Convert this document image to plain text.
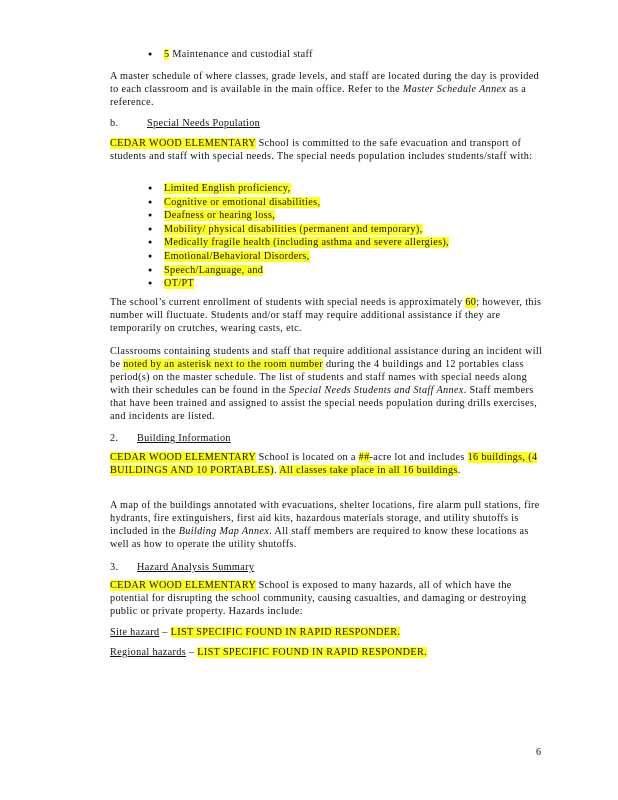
● 5 Maintenance and custodial staff

A master schedule of where classes, grade levels, and staff are located during the day is provided to each classroom and is available in the main office. Refer to the Master Schedule Annex as a reference.

b.	Special Needs Population

CEDAR WOOD ELEMENTARY School is committed to the safe evacuation and transport of students and staff with special needs. The special needs population includes students/staff with:

● Limited English proficiency,
● Cognitive or emotional disabilities,
● Deafness or hearing loss,
● Mobility/ physical disabilities (permanent and temporary),
● Medically fragile health (including asthma and severe allergies),
● Emotional/Behavioral Disorders,
● Speech/Language, and
● OT/PT

The school’s current enrollment of students with special needs is approximately 60; however, this number will fluctuate. Students and/or staff may require additional assistance if they are temporarily on crutches, wearing casts, etc.

Classrooms containing students and staff that require additional assistance during an incident will be noted by an asterisk next to the room number during the 4 buildings and 12 portables class period(s) on the master schedule. The list of students and staff names with special needs along with their schedules can be found in the Special Needs Students and Staff Annex. Staff members that have been trained and assigned to assist the special needs population during drills exercises, and incidents are listed.

2. Building Information

CEDAR WOOD ELEMENTARY School is located on a ##-acre lot and includes 16 buildings, (4 BUILDINGS AND 10 PORTABLES). All classes take place in all 16 buildings.

A map of the buildings annotated with evacuations, shelter locations, fire alarm pull stations, fire hydrants, fire extinguishers, first aid kits, hazardous materials storage, and utility shutoffs is included in the Building Map Annex. All staff members are required to know these locations as well as how to operate the utility shutoffs.

3. Hazard Analysis Summary

CEDAR WOOD ELEMENTARY School is exposed to many hazards, all of which have the potential for disrupting the school community, causing casualties, and damaging or destroying public or private property. Hazards include:

Site hazard – LIST SPECIFIC FOUND IN RAPID RESPONDER.

Regional hazards – LIST SPECIFIC FOUND IN RAPID RESPONDER.

6
